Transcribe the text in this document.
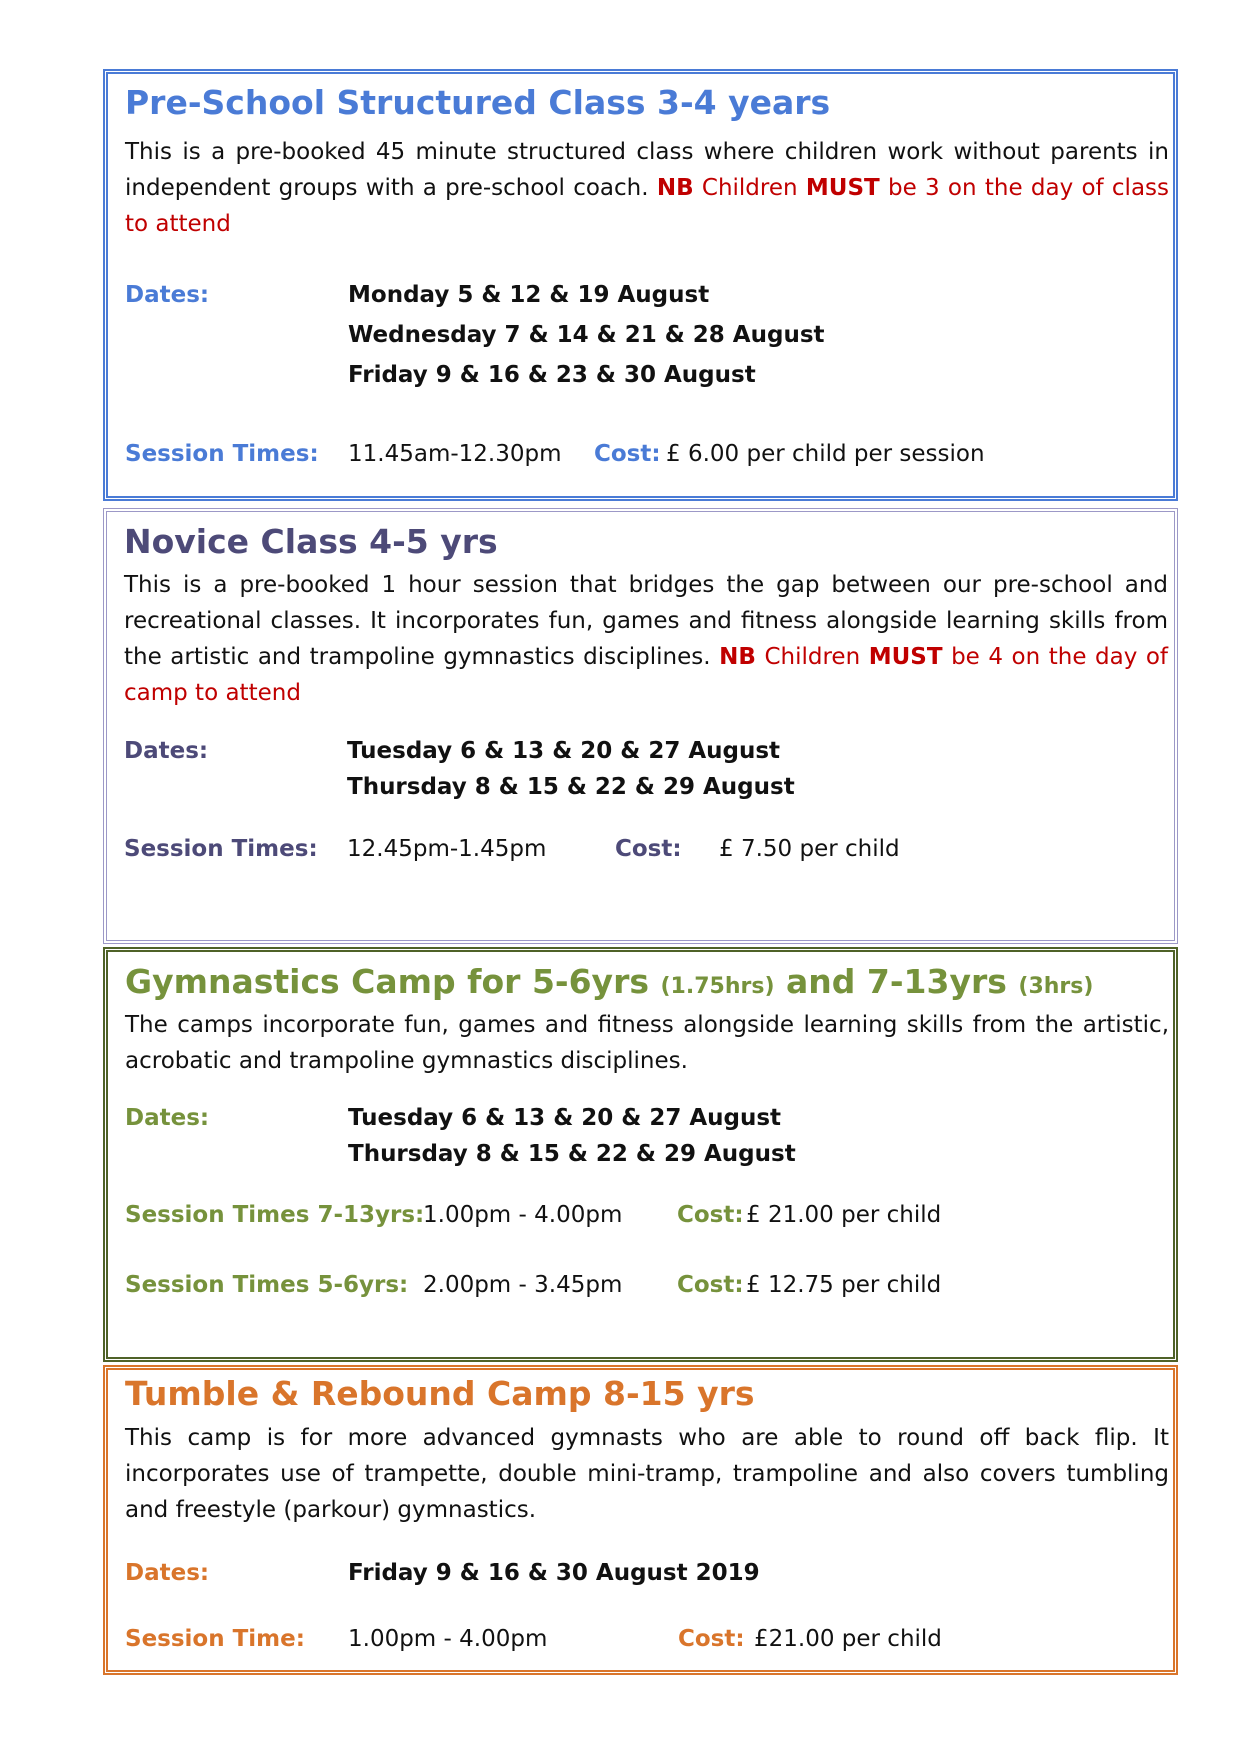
Pre-School Structured Class 3-4 years
This is a pre-booked 45 minute structured class where children work without parents in independent groups with a pre-school coach. NB Children MUST be 3 on the day of class to attend
Dates:	Monday 5 & 12 & 19 August
Wednesday 7 & 14 & 21 & 28 August
Friday 9 & 16 & 23 & 30 August
Session Times: 11.45am-12.30pm Cost: £ 6.00 per child per session
Novice Class 4-5 yrs
This is a pre-booked 1 hour session that bridges the gap between our pre-school and recreational classes. It incorporates fun, games and fitness alongside learning skills from the artistic and trampoline gymnastics disciplines. NB Children MUST be 4 on the day of camp to attend
Dates:	Tuesday 6 & 13 & 20 & 27 August
Thursday 8 & 15 & 22 & 29 August
Session Times: 12.45pm-1.45pm	Cost: £ 7.50 per child
Gymnastics Camp for 5-6yrs (1.75hrs) and 7-13yrs (3hrs)
The camps incorporate fun, games and fitness alongside learning skills from the artistic, acrobatic and trampoline gymnastics disciplines.
Dates:	Tuesday 6 & 13 & 20 & 27 August
Thursday 8 & 15 & 22 & 29 August
Session Times 7-13yrs:
1.00pm - 4.00pm Cost: £ 21.00 per child
Session Times 5-6yrs: 2.00pm - 3.45pm Cost: £ 12.75 per child
Tumble & Rebound Camp 8-15 yrs
This camp is for more advanced gymnasts who are able to round off back flip. It incorporates use of trampette, double mini-tramp, trampoline and also covers tumbling and freestyle (parkour) gymnastics.
Dates:	Friday 9 & 16 & 30 August 2019
Session Time: 1.00pm - 4.00pm	Cost: £21.00 per child
